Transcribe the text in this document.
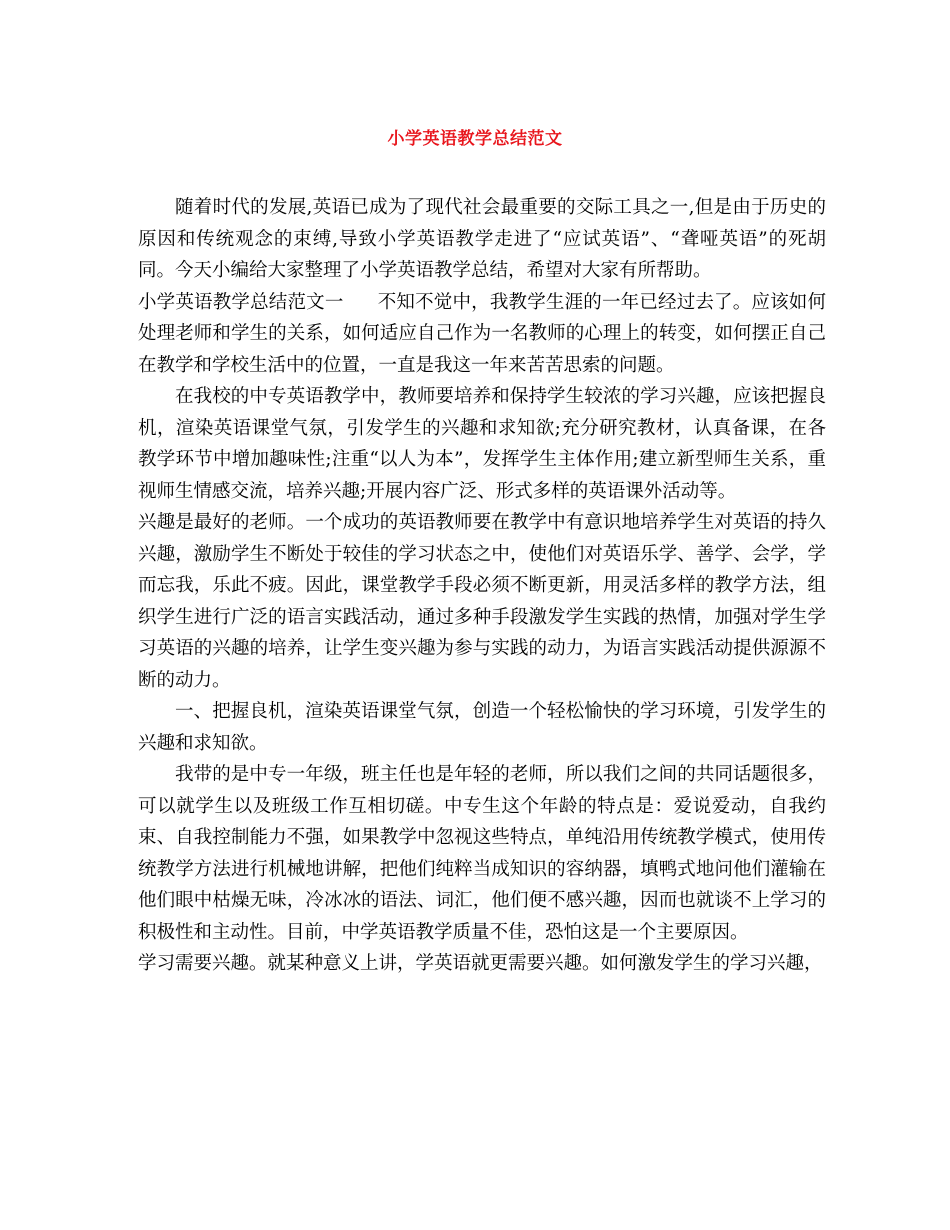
小学英语教学总结范文

随着时代的发展,英语已成为了现代社会最重要的交际工具之一,但是由于历史的原因和传统观念的束缚,导致小学英语教学走进了“应试英语”、“聋哑英语”的死胡同。今天小编给大家整理了小学英语教学总结，希望对大家有所帮助。

小学英语教学总结范文一 不知不觉中，我教学生涯的一年已经过去了。应该如何处理老师和学生的关系，如何适应自己作为一名教师的心理上的转变，如何摆正自己在教学和学校生活中的位置，一直是我这一年来苦苦思索的问题。

在我校的中专英语教学中，教师要培养和保持学生较浓的学习兴趣，应该把握良机，渲染英语课堂气氛，引发学生的兴趣和求知欲;充分研究教材，认真备课，在各教学环节中增加趣味性;注重“以人为本”，发挥学生主体作用;建立新型师生关系，重视师生情感交流，培养兴趣;开展内容广泛、形式多样的英语课外活动等。

兴趣是最好的老师。一个成功的英语教师要在教学中有意识地培养学生对英语的持久兴趣，激励学生不断处于较佳的学习状态之中，使他们对英语乐学、善学、会学，学而忘我，乐此不疲。因此，课堂教学手段必须不断更新，用灵活多样的教学方法，组织学生进行广泛的语言实践活动，通过多种手段激发学生实践的热情，加强对学生学习英语的兴趣的培养，让学生变兴趣为参与实践的动力，为语言实践活动提供源源不断的动力。

一、把握良机，渲染英语课堂气氛，创造一个轻松愉快的学习环境，引发学生的兴趣和求知欲。

我带的是中专一年级，班主任也是年轻的老师，所以我们之间的共同话题很多，可以就学生以及班级工作互相切磋。中专生这个年龄的特点是：爱说爱动，自我约束、自我控制能力不强，如果教学中忽视这些特点，单纯沿用传统教学模式，使用传统教学方法进行机械地讲解，把他们纯粹当成知识的容纳器，填鸭式地问他们灌输在他们眼中枯燥无味，冷冰冰的语法、词汇，他们便不感兴趣，因而也就谈不上学习的积极性和主动性。目前，中学英语教学质量不佳，恐怕这是一个主要原因。

学习需要兴趣。就某种意义上讲，学英语就更需要兴趣。如何激发学生的学习兴趣，
